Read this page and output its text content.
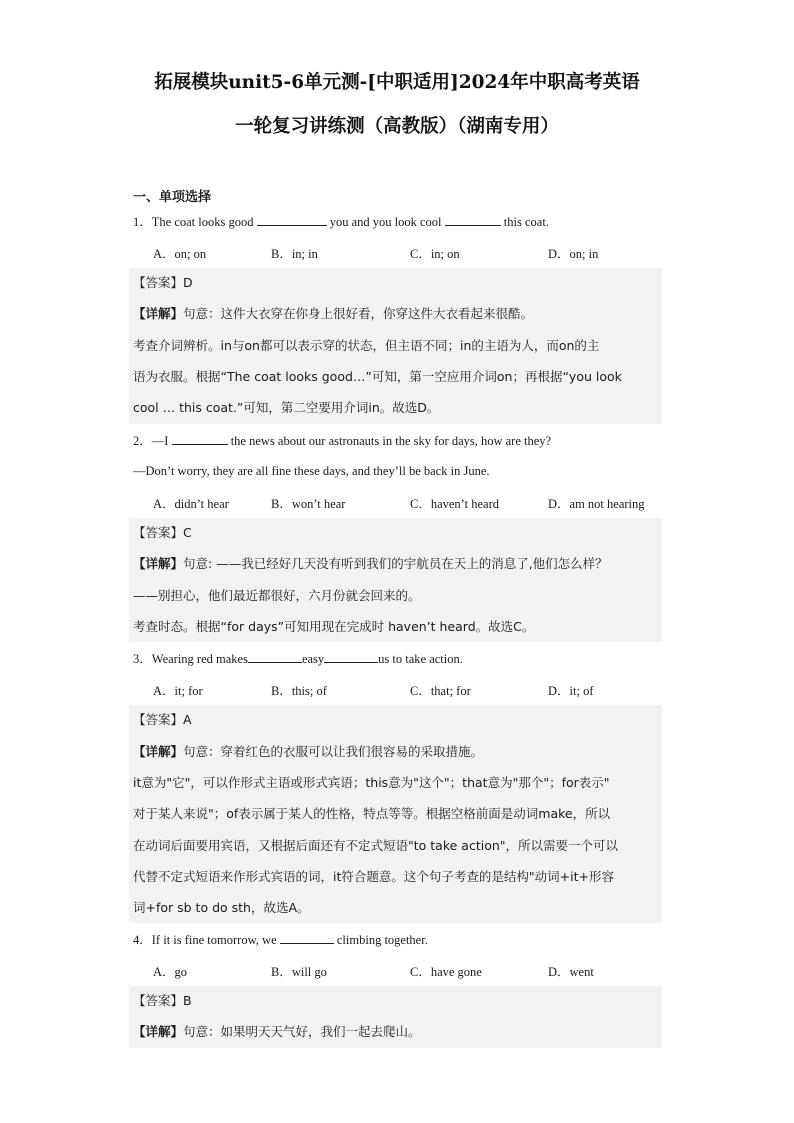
拓展模块unit5-6单元测-[中职适用]2024年中职高考英语
一轮复习讲练测（高教版）（湖南专用）
一、单项选择
1．The coat looks good	you and you look cool	this coat.
A．on; on	B．in; in	C．in; on	D．on; in
【答案】D
【详解】句意：这件大衣穿在你身上很好看，你穿这件大衣看起来很酷。
考查介词辨析。in与on都可以表示穿的状态，但主语不同；in的主语为人，而on的主
语为衣服。根据“The coat looks good…”可知，第一空应用介词on；再根据“you look
cool … this coat.”可知，第二空要用介词in。故选D。
2．—I	the news about our astronauts in the sky for days, how are they?
—Don’t worry, they are all fine these days, and they’ll be back in June.
A．didn’t hear	B．won’t hear	C．haven’t heard	D．am not hearing
【答案】C
【详解】句意: ——我已经好几天没有听到我们的宇航员在天上的消息了,他们怎么样？
——别担心，他们最近都很好，六月份就会回来的。
考查时态。根据“for days”可知用现在完成时 haven’t heard。故选C。
3．Wearing red makes	easy	us to take action.
A．it; for	B．this; of	C．that; for	D．it; of
【答案】A
【详解】句意：穿着红色的衣服可以让我们很容易的采取措施。
it意为"它"，可以作形式主语或形式宾语；this意为"这个"；that意为"那个"；for表示"
对于某人来说"；of表示属于某人的性格，特点等等。根据空格前面是动词make，所以
在动词后面要用宾语，又根据后面还有不定式短语"to take action"，所以需要一个可以
代替不定式短语来作形式宾语的词，it符合题意。这个句子考查的是结构"动词+it+形容
词+for sb to do sth，故选A。
4．If it is fine tomorrow, we	climbing together.
A．go	B．will go	C．have gone	D．went
【答案】B
【详解】句意：如果明天天气好，我们一起去爬山。
